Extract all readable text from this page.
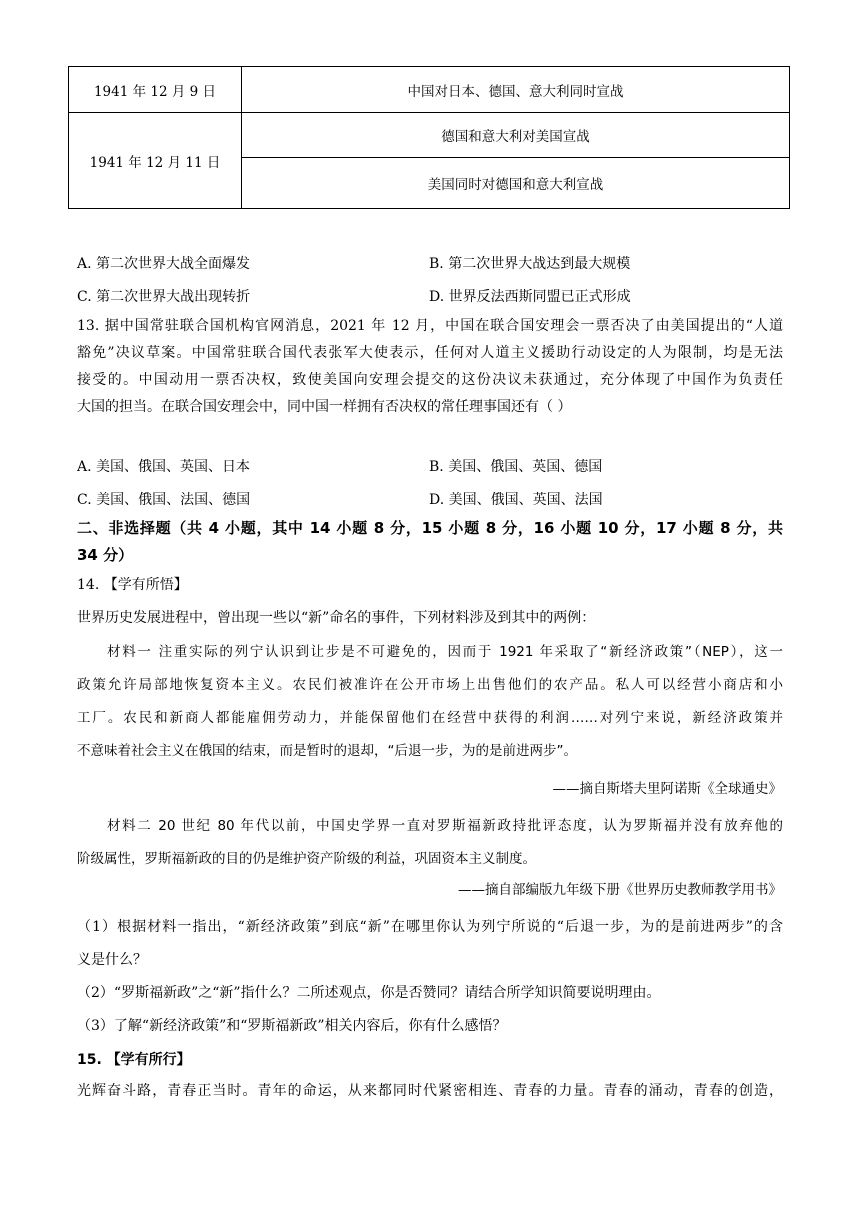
1941 年 12 月 9 日	中国对日本、德国、意大利同时宣战
1941 年 12 月 11 日	德国和意大利对美国宣战
	美国同时对德国和意大利宣战
A. 第二次世界大战全面爆发	B. 第二次世界大战达到最大规模
C. 第二次世界大战出现转折	D. 世界反法西斯同盟已正式形成
13. 据中国常驻联合国机构官网消息，2021 年 12 月，中国在联合国安理会一票否决了由美国提出的“人道
豁免”决议草案。中国常驻联合国代表张军大使表示，任何对人道主义援助行动设定的人为限制，均是无法
接受的。中国动用一票否决权，致使美国向安理会提交的这份决议未获通过，充分体现了中国作为负责任
大国的担当。在联合国安理会中，同中国一样拥有否决权的常任理事国还有（ ）
A. 美国、俄国、英国、日本	B. 美国、俄国、英国、德国
C. 美国、俄国、法国、德国	D. 美国、俄国、英国、法国
二、非选择题（共 4 小题，其中 14 小题 8 分，15 小题 8 分，16 小题 10 分，17 小题 8 分，共
34 分）
14. 【学有所悟】
世界历史发展进程中，曾出现一些以“新”命名的事件，下列材料涉及到其中的两例：
材料一 注重实际的列宁认识到让步是不可避免的，因而于 1921 年采取了“新经济政策”（NEP），这一
政策允许局部地恢复资本主义。农民们被准许在公开市场上出售他们的农产品。私人可以经营小商店和小
工厂。农民和新商人都能雇佣劳动力，并能保留他们在经营中获得的利润……对列宁来说，新经济政策并
不意味着社会主义在俄国的结束，而是暂时的退却，“后退一步，为的是前进两步”。
——摘自斯塔夫里阿诺斯《全球通史》
材料二 20 世纪 80 年代以前，中国史学界一直对罗斯福新政持批评态度，认为罗斯福并没有放弃他的
阶级属性，罗斯福新政的目的仍是维护资产阶级的利益，巩固资本主义制度。
——摘自部编版九年级下册《世界历史教师教学用书》
（1）根据材料一指出，“新经济政策”到底“新”在哪里你认为列宁所说的“后退一步，为的是前进两步”的含
义是什么？
（2）“罗斯福新政”之“新”指什么？二所述观点，你是否赞同？请结合所学知识简要说明理由。
（3）了解“新经济政策”和“罗斯福新政”相关内容后，你有什么感悟？
15. 【学有所行】
光辉奋斗路，青春正当时。青年的命运，从来都同时代紧密相连、青春的力量。青春的涌动，青春的创造，
